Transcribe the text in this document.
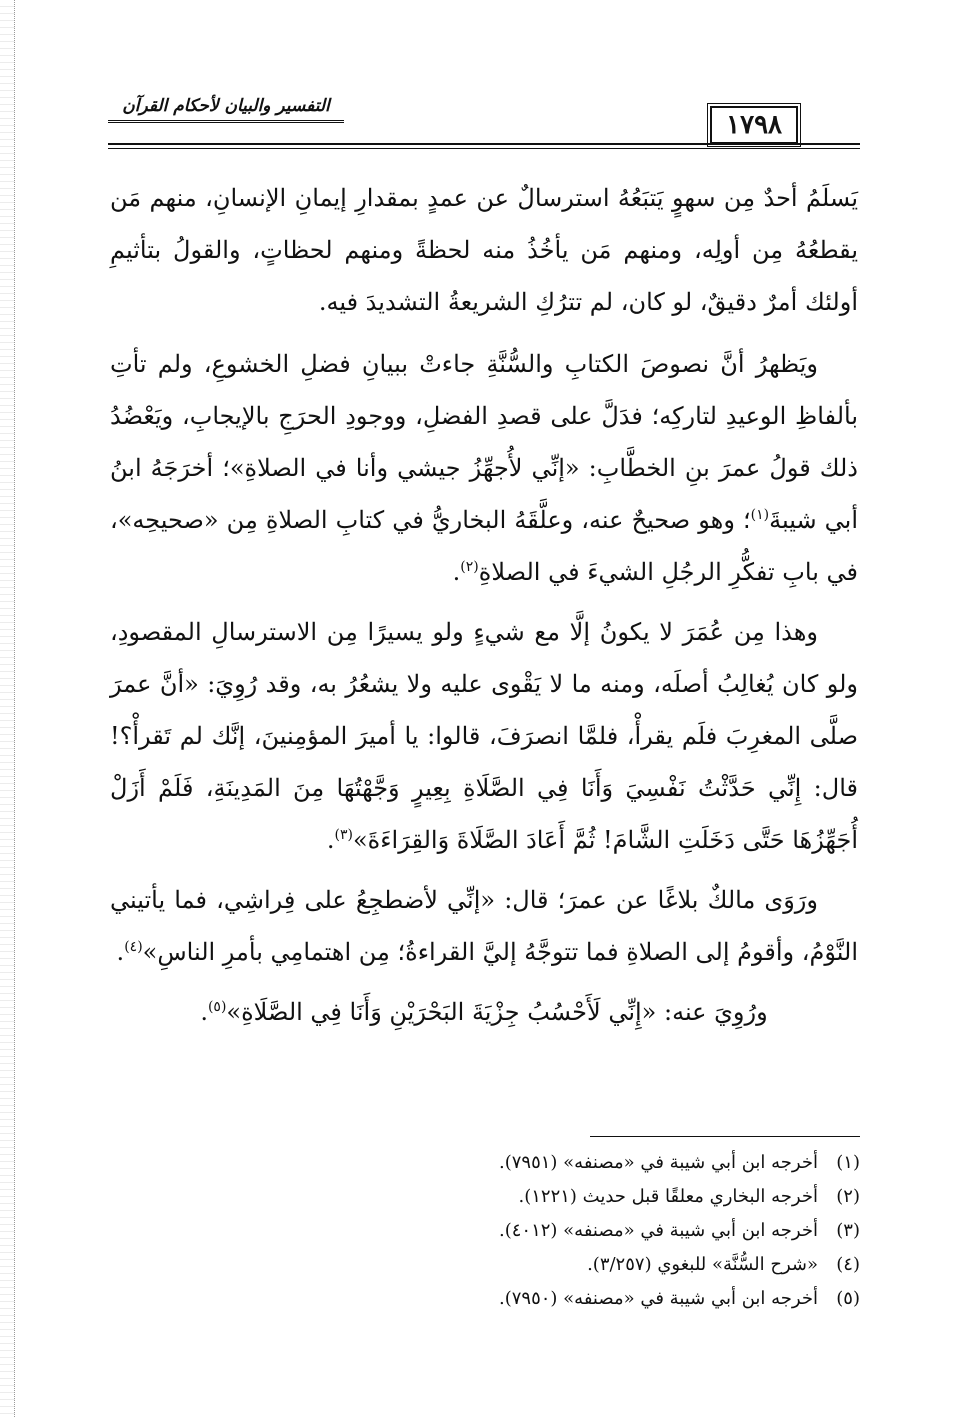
التفسير والبيان لأحكام القرآن
١٧٩٨

يَسلَمُ أحدٌ مِن سهوٍ يَتبَعُهُ استرسالٌ عن عمدٍ بمقدارِ إيمانِ الإنسانِ، منهم مَن يقطعُهُ مِن أولِه، ومنهم مَن يأخُذُ منه لحظةً ومنهم لحظاتٍ، والقولُ بتأثيمِ أولئك أمرٌ دقيقٌ، لو كان، لم تترُكِ الشريعةُ التشديدَ فيه.

ويَظهرُ أنَّ نصوصَ الكتابِ والسُّنَّةِ جاءتْ ببيانِ فضلِ الخشوعِ، ولم تأتِ بألفاظِ الوعيدِ لتاركِه؛ فدَلَّ على قصدِ الفضلِ، ووجودِ الحرَجِ بالإيجابِ، ويَعْضُدُ ذلك قولُ عمرَ بنِ الخطَّابِ: «إنِّي لأُجهِّزُ جيشي وأنا في الصلاةِ»؛ أخرَجَهُ ابنُ أبي شيبةَ$^{(١)}$؛ وهو صحيحٌ عنه، وعلَّقَهُ البخاريُّ في كتابِ الصلاةِ مِن «صحيحِه»، في بابِ تفكُّرِ الرجُلِ الشيءَ في الصلاةِ$^{(٢)}$.

وهذا مِن عُمَرَ لا يكونُ إلَّا مع شيءٍ ولو يسيرًا مِن الاسترسالِ المقصودِ، ولو كان يُغالِبُ أصلَه، ومنه ما لا يَقْوى عليه ولا يشعُرُ به، وقد رُوِيَ: «أنَّ عمرَ صلَّى المغرِبَ فلَم يقرأْ، فلمَّا انصرَفَ، قالوا: يا أميرَ المؤمِنينَ، إنَّك لم تَقرأْ؟! قال: إِنِّي حَدَّثْتُ نَفْسِيَ وَأَنَا فِي الصَّلَاةِ بِعِيرٍ وَجَّهْتُهَا مِنَ المَدِينَةِ، فَلَمْ أَزَلْ أُجَهِّزُهَا حَتَّى دَخَلَتِ الشَّامَ! ثُمَّ أَعَادَ الصَّلَاةَ وَالقِرَاءَةَ»$^{(٣)}$.

ورَوَى مالكٌ بلاغًا عن عمرَ؛ قال: «إنِّي لأضطجِعُ على فِراشِي، فما يأتيني النَّوْمُ، وأقومُ إلى الصلاةِ فما تتوجَّهُ إليَّ القراءةُ؛ مِن اهتمامِي بأمرِ الناسِ»$^{(٤)}$.

ورُوِيَ عنه: «إِنِّي لَأَحْسُبُ جِزْيَةَ البَحْرَيْنِ وَأَنَا فِي الصَّلَاةِ»$^{(٥)}$.

(١)
أخرجه ابن أبي شيبة في «مصنفه» (٧٩٥١).
(٢)
أخرجه البخاري معلقًا قبل حديث (١٢٢١).
(٣)
أخرجه ابن أبي شيبة في «مصنفه» (٤٠١٢).
(٤)
«شرح السُّنَّة» للبغوي (٣/٢٥٧).
(٥)
أخرجه ابن أبي شيبة في «مصنفه» (٧٩٥٠).
